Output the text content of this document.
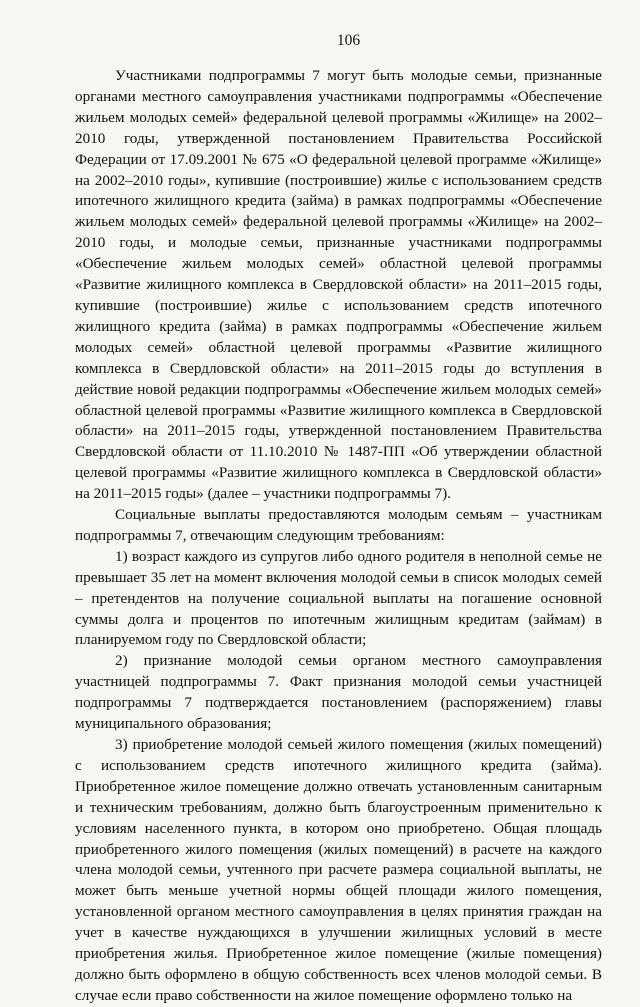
106

Участниками подпрограммы 7 могут быть молодые семьи, признанные органами местного самоуправления участниками подпрограммы «Обеспечение жильем молодых семей» федеральной целевой программы «Жилище» на 2002–2010 годы, утвержденной постановлением Правительства Российской Федерации от 17.09.2001 № 675 «О федеральной целевой программе «Жилище» на 2002–2010 годы», купившие (построившие) жилье с использованием средств ипотечного жилищного кредита (займа) в рамках подпрограммы «Обеспечение жильем молодых семей» федеральной целевой программы «Жилище» на 2002–2010 годы, и молодые семьи, признанные участниками подпрограммы «Обеспечение жильем молодых семей» областной целевой программы «Развитие жилищного комплекса в Свердловской области» на 2011–2015 годы, купившие (построившие) жилье с использованием средств ипотечного жилищного кредита (займа) в рамках подпрограммы «Обеспечение жильем молодых семей» областной целевой программы «Развитие жилищного комплекса в Свердловской области» на 2011–2015 годы до вступления в действие новой редакции подпрограммы «Обеспечение жильем молодых семей» областной целевой программы «Развитие жилищного комплекса в Свердловской области» на 2011–2015 годы, утвержденной постановлением Правительства Свердловской области от 11.10.2010 № 1487-ПП «Об утверждении областной целевой программы «Развитие жилищного комплекса в Свердловской области» на 2011–2015 годы» (далее – участники подпрограммы 7).

Социальные выплаты предоставляются молодым семьям – участникам подпрограммы 7, отвечающим следующим требованиям:

1) возраст каждого из супругов либо одного родителя в неполной семье не превышает 35 лет на момент включения молодой семьи в список молодых семей – претендентов на получение социальной выплаты на погашение основной суммы долга и процентов по ипотечным жилищным кредитам (займам) в планируемом году по Свердловской области;

2) признание молодой семьи органом местного самоуправления участницей подпрограммы 7. Факт признания молодой семьи участницей подпрограммы 7 подтверждается постановлением (распоряжением) главы муниципального образования;

3) приобретение молодой семьей жилого помещения (жилых помещений) с использованием средств ипотечного жилищного кредита (займа). Приобретенное жилое помещение должно отвечать установленным санитарным и техническим требованиям, должно быть благоустроенным применительно к условиям населенного пункта, в котором оно приобретено. Общая площадь приобретенного жилого помещения (жилых помещений) в расчете на каждого члена молодой семьи, учтенного при расчете размера социальной выплаты, не может быть меньше учетной нормы общей площади жилого помещения, установленной органом местного самоуправления в целях принятия граждан на учет в качестве нуждающихся в улучшении жилищных условий в месте приобретения жилья. Приобретенное жилое помещение (жилые помещения) должно быть оформлено в общую собственность всех членов молодой семьи. В случае если право собственности на жилое помещение оформлено только на
